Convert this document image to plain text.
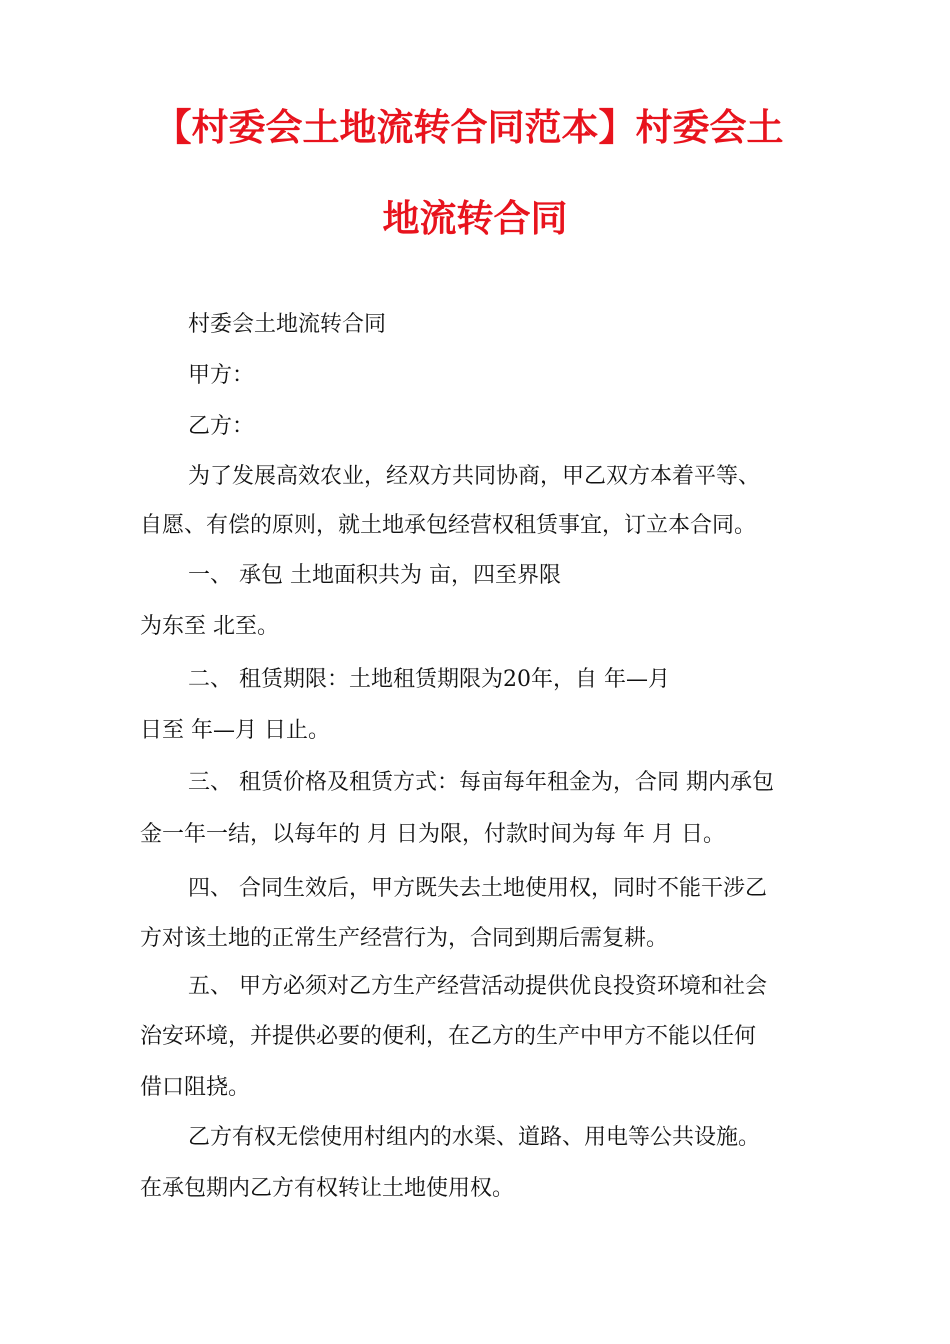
【村委会土地流转合同范本】村委会土
地流转合同
村委会土地流转合同
甲方：
乙方：
为了发展高效农业，经双方共同协商，甲乙双方本着平等、
自愿、有偿的原则，就土地承包经营权租赁事宜，订立本合同。
一、 承包 土地面积共为 亩，四至界限
为东至 北至。
二、 租赁期限：土地租赁期限为20年，自 年—月
日至 年—月 日止。
三、 租赁价格及租赁方式：每亩每年租金为，合同 期内承包
金一年一结，以每年的 月 日为限，付款时间为每 年 月 日。
四、 合同生效后，甲方既失去土地使用权，同时不能干涉乙
方对该土地的正常生产经营行为，合同到期后需复耕。
五、 甲方必须对乙方生产经营活动提供优良投资环境和社会
治安环境，并提供必要的便利，在乙方的生产中甲方不能以任何
借口阻挠。
乙方有权无偿使用村组内的水渠、道路、用电等公共设施。
在承包期内乙方有权转让土地使用权。
